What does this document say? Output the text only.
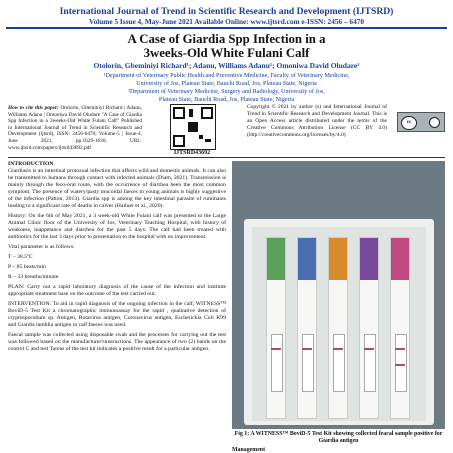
International Journal of Trend in Scientific Research and Development (IJTSRD)
Volume 5 Issue 4, May-June 2021 Available Online: www.ijtsrd.com e-ISSN: 2456 – 6470
A Case of Giardia Spp Infection in a
3weeks-Old White Fulani Calf
Otolorin, Gbeminiyi Richard¹; Adanu, Williams Adanu¹; Omoniwa David Oludare²
¹Department of Veterinary Public Health and Preventive Medicine, Faculty of Veterinary Medicine,
University of Jos, Plateau State, Bauchi Road, Jos, Plateau State, Nigeria
²Department of Veterinary Medicine, Surgery and Radiology, University of Jos,
Plateau State, Bauchi Road, Jos, Plateau State, Nigeria
How to cite this paper: Otolorin, Gbeminiyi Richard | Adanu, Williams Adanu | Omoniwa David Oludare "A Case of Giardia Spp Infection in a 3weeks-Old White Fulani Calf" Published in International Journal of Trend in Scientific Research and Development (ijtsrd), ISSN: 2456-6470, Volume-5 | Issue-4, June 2021, pp.1629-1630, URL: www.ijtsrd.com/papers/ijtsrd43692.pdf
IJTSRD43692
Copyright © 2021 by author (s) and International Journal of Trend in Scientific Research and Development Journal. This is an Open Access article distributed under the terms of the Creative Commons Attribution License (CC BY 4.0) (http://creativecommons.org/licenses/by/4.0)
cc
INTRODUCTION

Giardiasis is an intestinal protozoal infection that affects wild and domestic animals. It can also be transmitted to humans through contact with infected animals (Diam, 2021). Transmission is mainly through the feco-oral route, with the occurrence of diarrhea been the most common symptom. The presence of watery/pasty mucoidal faeces in young animals is highly suggestive of the infection (Patton, 2013). Giardia spp is among the key intestinal parasite of ruminants leading to a significant rate of deaths in calves (Hailuer et al., 2020).

History: On the 6th of May 2021, a 3 week-old White Fulani calf was presented to the Large Animal Clinic floor of the University of Jos, Veterinary Teaching Hospital, with history of weakness, inappetance and diarrhea for the past 5 days. The calf had been treated with antibiotics for the last 3 days prior to presentation to the hospital with no improvement.

Vital parameter is as follows:

T – 38.5ºC

P – 85 beats/min

R – 33 breaths/minute

PLAN: Carry out a rapid laboratory diagnosis of the cause of the infection and institute appropriate treatment base on the outcome of the test carried out.

INTERVENTION: To aid in rapid diagnosis of the ongoing infection in the calf, WITNESS™ BoviD-5 Test Kit a chromatographic immunoassay for the rapid , qualitative detection of cryptosporidium sp. Antigen, Rotavirus antigen, Coronavirus antigen, Escherichia Coli K99 and Giardia lamblia antigen in calf faeces was used.

Faecal sample was collected using disposable swab and the processes for carrying out the test was followed based on the manufacturer'sinstructions. The appearance of two (2) bands on the control C and test Tareas of the test kit indicates a positive result for a particular antigen.

Fig 1: A WITNESS™ BoviD-5 Test Kit showing collected feacal sample positive for Giardia antigen
Management
